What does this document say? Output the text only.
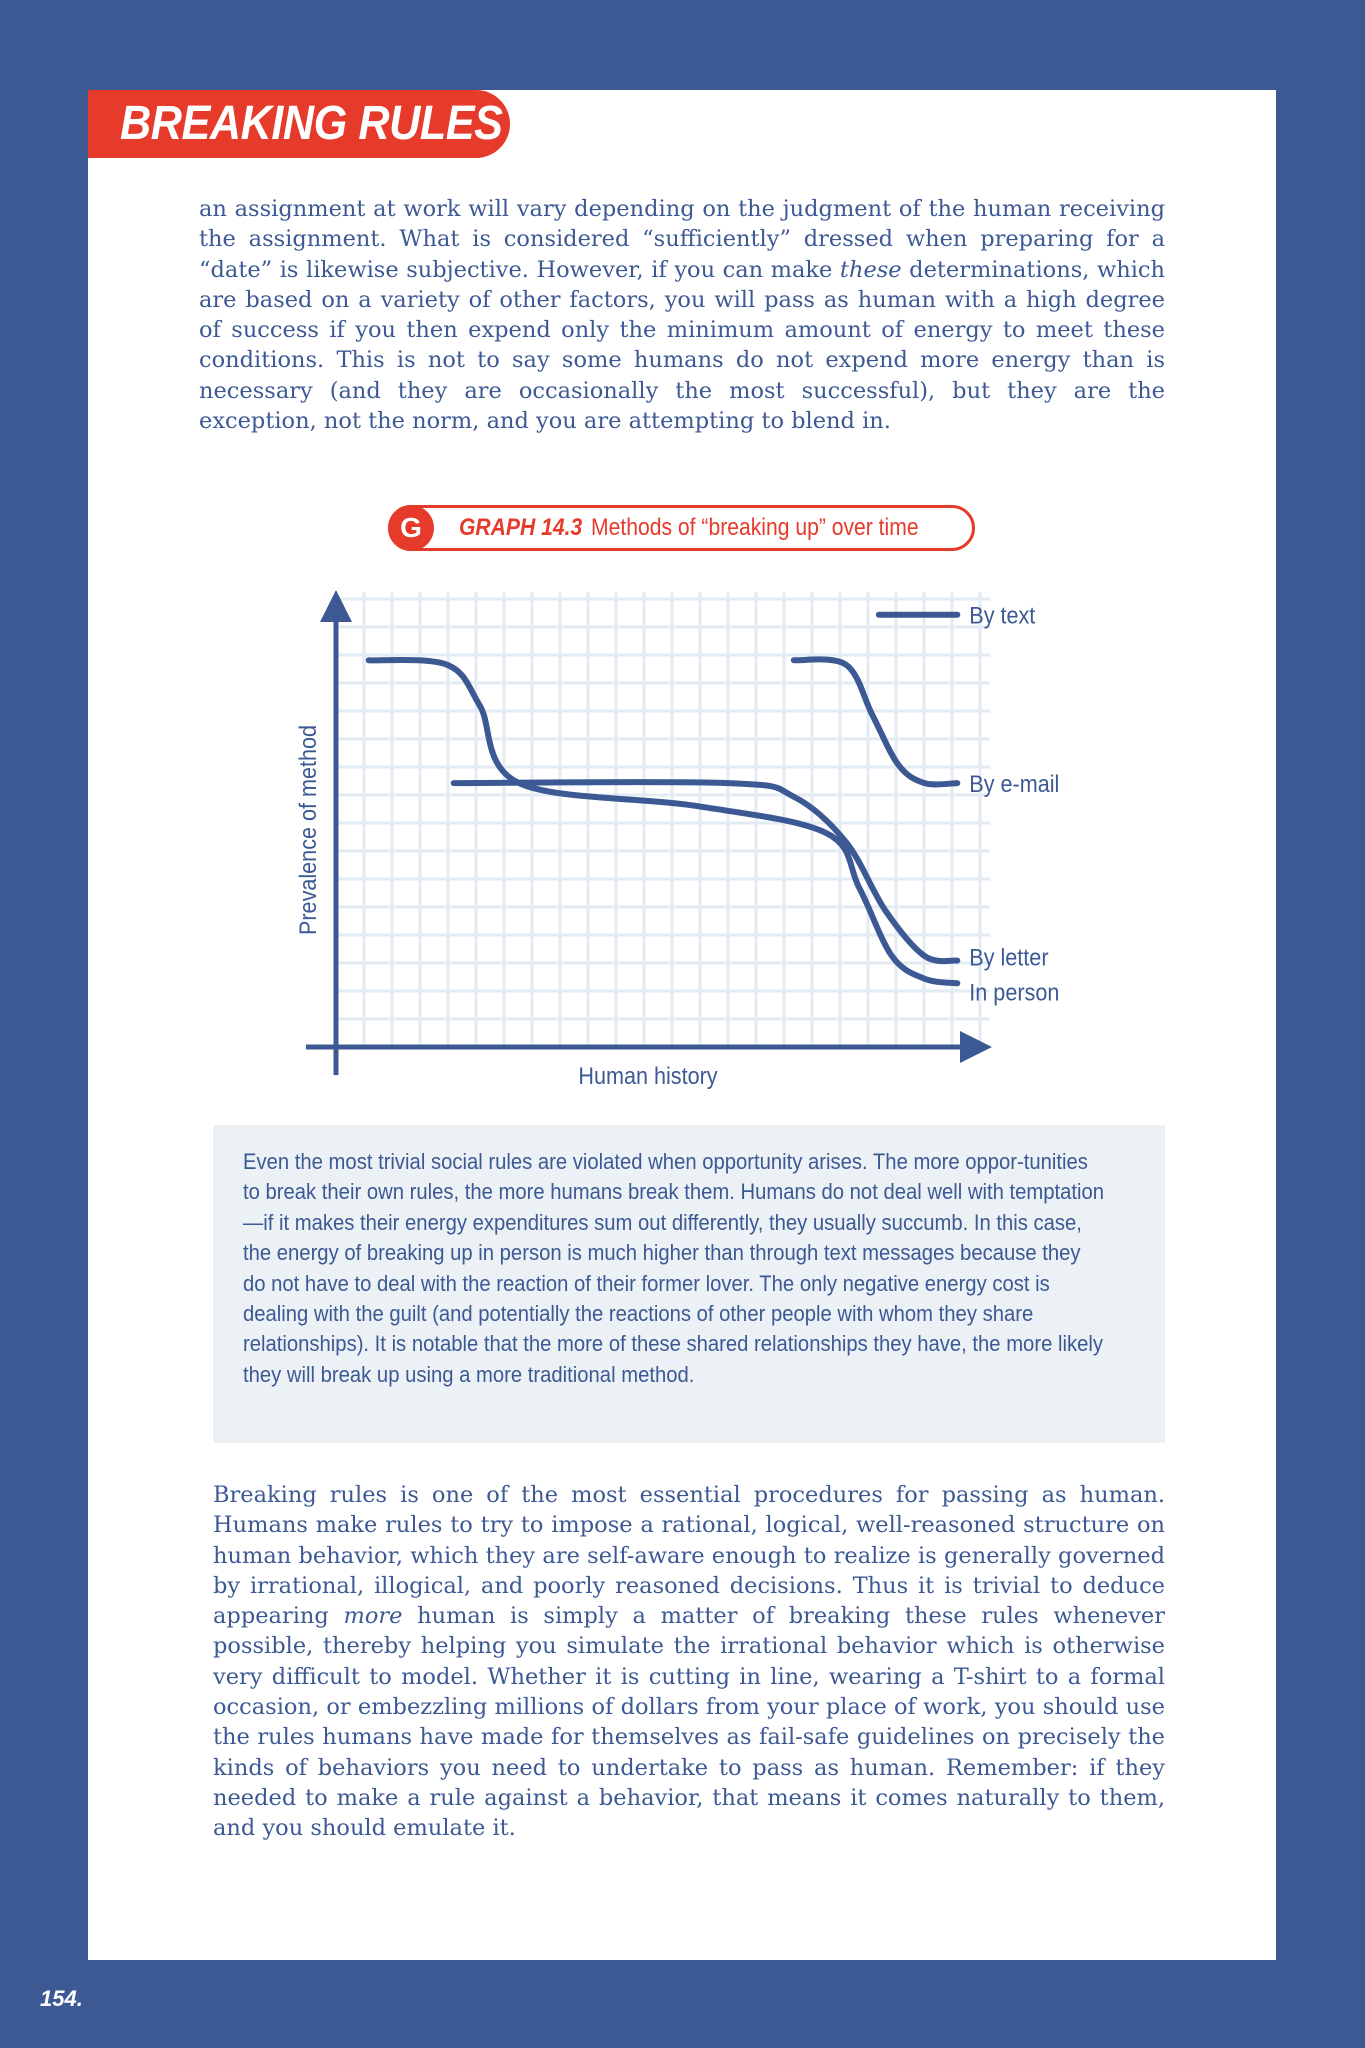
BREAKING RULES

an assignment at work will vary depending on the judgment of the human receiving the assignment. What is considered “sufficiently” dressed when preparing for a “date” is likewise subjective. However, if you can make these determinations, which are based on a variety of other factors, you will pass as human with a high degree of success if you then expend only the minimum amount of energy to meet these conditions. This is not to say some humans do not expend more energy than is necessary (and they are occasionally the most successful), but they are the exception, not the norm, and you are attempting to blend in.

G	GRAPH 14.3 Methods of “breaking up” over time
In person
By letter
By e-mail
By text
Human history
Prevalence of method

Even the most trivial social rules are violated when opportunity arises. The more oppor-tunities to break their own rules, the more humans break them. Humans do not deal well with temptation—if it makes their energy expenditures sum out differently, they usually succumb. In this case, the energy of breaking up in person is much higher than through text messages because they do not have to deal with the reaction of their former lover. The only negative energy cost is dealing with the guilt (and potentially the reactions of other people with whom they share relationships). It is notable that the more of these shared relationships they have, the more likely they will break up using a more traditional method.

Breaking rules is one of the most essential procedures for passing as human. Humans make rules to try to impose a rational, logical, well-reasoned structure on human behavior, which they are self-aware enough to realize is generally governed by irrational, illogical, and poorly reasoned decisions. Thus it is trivial to deduce appearing more human is simply a matter of breaking these rules whenever possible, thereby helping you simulate the irrational behavior which is otherwise very difficult to model. Whether it is cutting in line, wearing a T-shirt to a formal occasion, or embezzling millions of dollars from your place of work, you should use the rules humans have made for themselves as fail-safe guidelines on precisely the kinds of behaviors you need to undertake to pass as human. Remember: if they needed to make a rule against a behavior, that means it comes naturally to them, and you should emulate it.

154.
